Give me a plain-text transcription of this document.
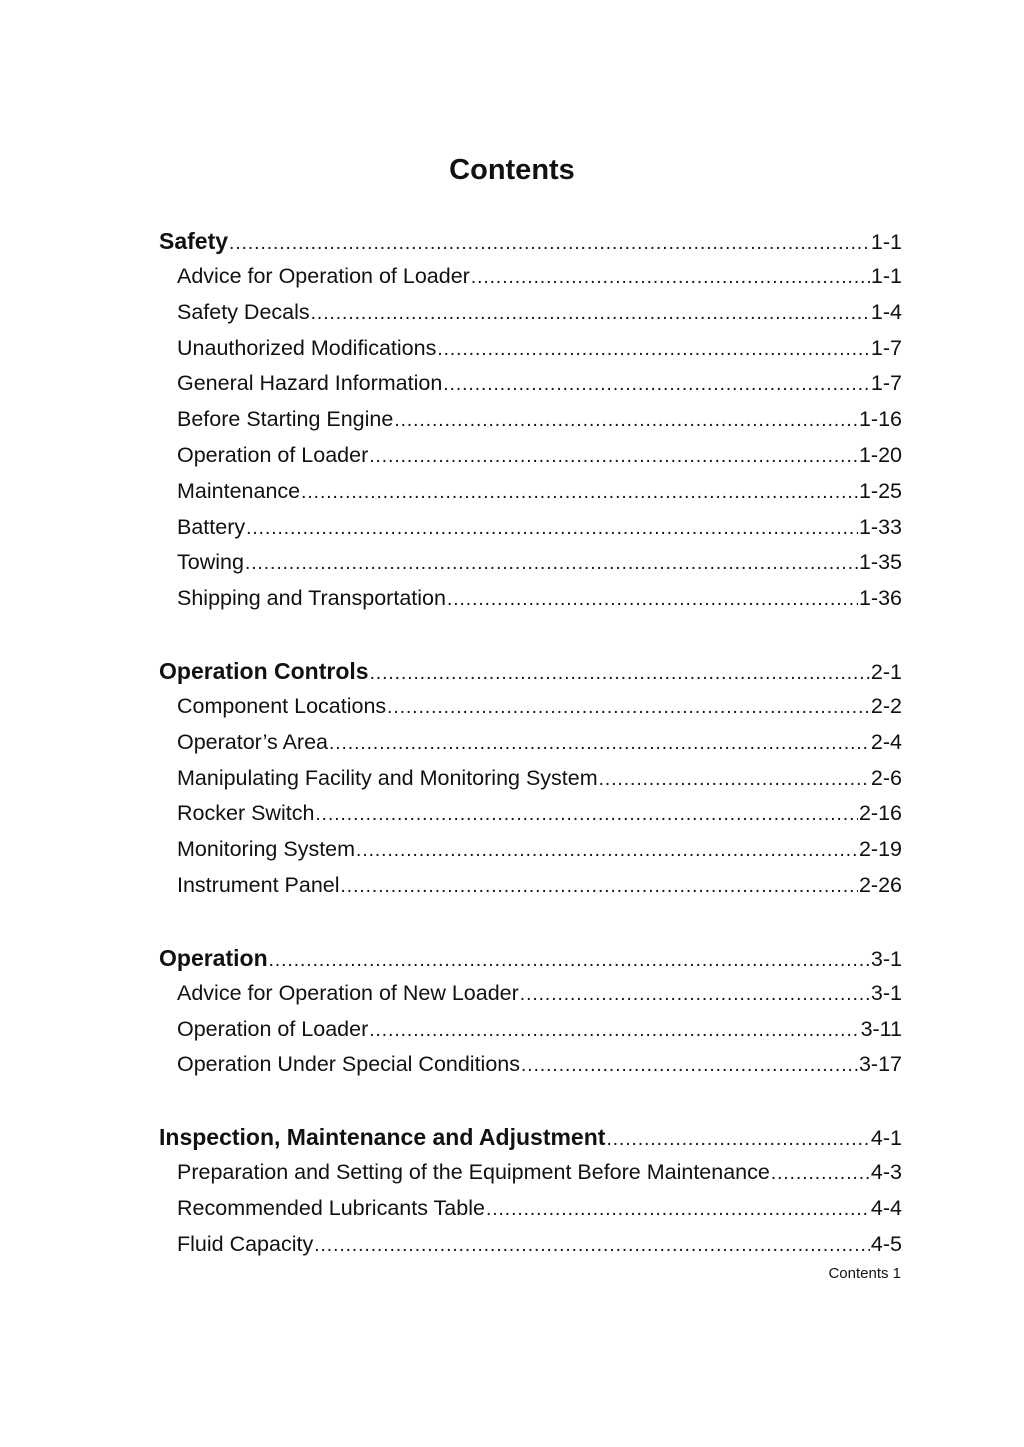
Contents
Safety .....	1-1
Advice for Operation of Loader .....	1-1
Safety Decals .....	1-4
Unauthorized Modifications .....	1-7
General Hazard Information .....	1-7
Before Starting Engine .....	1-16
Operation of Loader .....	1-20
Maintenance .....	1-25
Battery .....	1-33
Towing .....	1-35
Shipping and Transportation .....	1-36
Operation Controls .....	2-1
Component Locations .....	2-2
Operator’s Area .....	2-4
Manipulating Facility and Monitoring System .....	2-6
Rocker Switch .....	2-16
Monitoring System .....	2-19
Instrument Panel .....	2-26
Operation .....	3-1
Advice for Operation of New Loader .....	3-1
Operation of Loader .....	3-11
Operation Under Special Conditions .....	3-17
Inspection, Maintenance and Adjustment .....	4-1
Preparation and Setting of the Equipment Before Maintenance .....	4-3
Recommended Lubricants Table .....	4-4
Fluid Capacity .....	4-5
Contents 1
